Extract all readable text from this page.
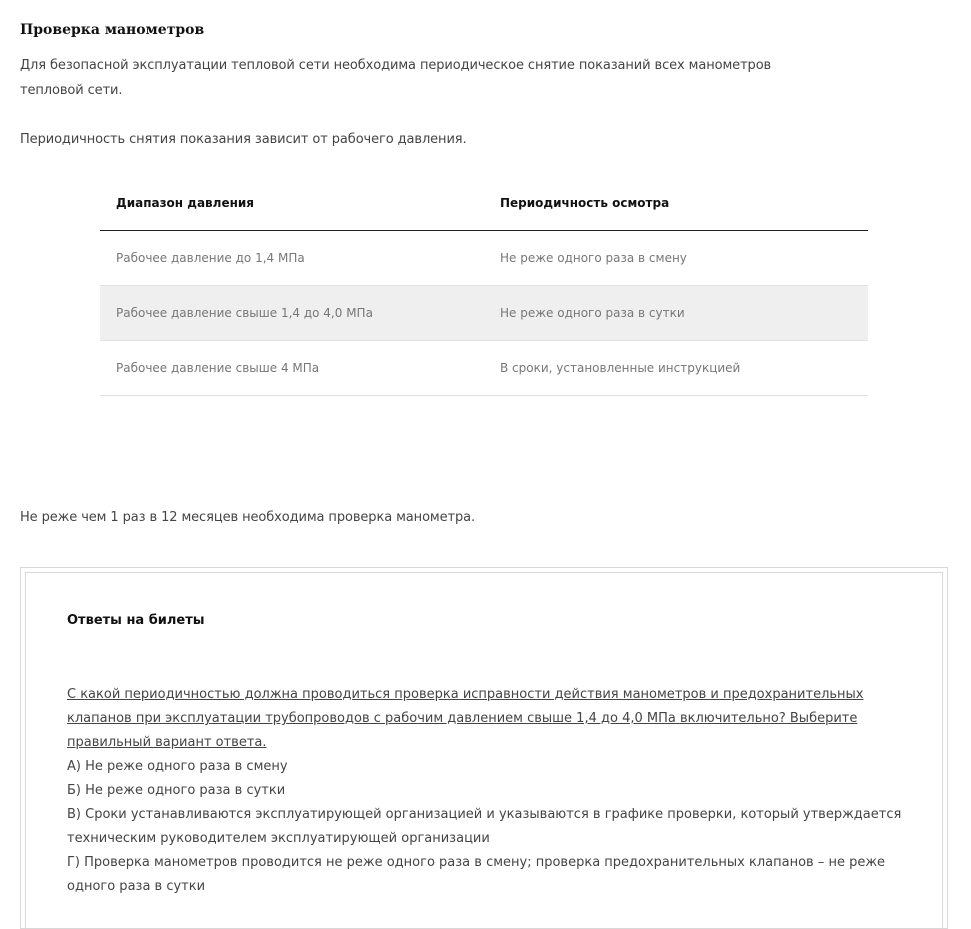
Проверка манометров
Для безопасной эксплуатации тепловой сети необходима периодическое снятие показаний всех манометров тепловой сети.
Периодичность снятия показания зависит от рабочего давления.
Диапазон давления	Периодичность осмотра
Рабочее давление до 1,4 МПа	Не реже одного раза в смену
Рабочее давление свыше 1,4 до 4,0 МПа	Не реже одного раза в сутки
Рабочее давление свыше 4 МПа	В сроки, установленные инструкцией
Не реже чем 1 раз в 12 месяцев необходима проверка манометра.
Ответы на билеты
С какой периодичностью должна проводиться проверка исправности действия манометров и предохранительных клапанов при эксплуатации трубопроводов с рабочим давлением свыше 1,4 до 4,0 МПа включительно? Выберите правильный вариант ответа.
А) Не реже одного раза в смену
Б) Не реже одного раза в сутки
В) Сроки устанавливаются эксплуатирующей организацией и указываются в графике проверки, который утверждается техническим руководителем эксплуатирующей организации
Г) Проверка манометров проводится не реже одного раза в смену; проверка предохранительных клапанов – не реже одного раза в сутки
